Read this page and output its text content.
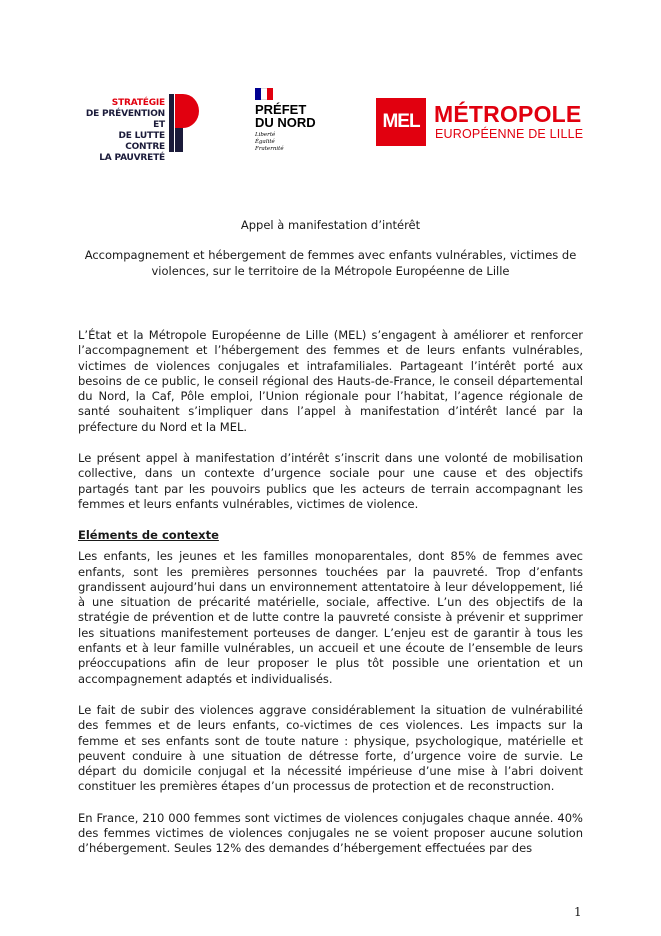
STRATÉGIE
DE PRÉVENTION ET
DE LUTTE CONTRE
LA PAUVRETÉ
PRÉFET
DU NORD
Liberté
Égalité
Fraternité
MEL MÉTROPOLE
EUROPÉENNE DE LILLE
Appel à manifestation d’intérêt
Accompagnement et hébergement de femmes avec enfants vulnérables, victimes de violences, sur le territoire de la Métropole Européenne de Lille

L’État et la Métropole Européenne de Lille (MEL) s’engagent à améliorer et renforcer l’accompagnement et l’hébergement des femmes et de leurs enfants vulnérables, victimes de violences conjugales et intrafamiliales. Partageant l’intérêt porté aux besoins de ce public, le conseil régional des Hauts-de-France, le conseil départemental du Nord, la Caf, Pôle emploi, l’Union régionale pour l’habitat, l’agence régionale de santé souhaitent s’impliquer dans l’appel à manifestation d’intérêt lancé par la préfecture du Nord et la MEL.

Le présent appel à manifestation d’intérêt s’inscrit dans une volonté de mobilisation collective, dans un contexte d’urgence sociale pour une cause et des objectifs partagés tant par les pouvoirs publics que les acteurs de terrain accompagnant les femmes et leurs enfants vulnérables, victimes de violence.

Eléments de contexte

Les enfants, les jeunes et les familles monoparentales, dont 85% de femmes avec enfants, sont les premières personnes touchées par la pauvreté. Trop d’enfants grandissent aujourd’hui dans un environnement attentatoire à leur développement, lié à une situation de précarité matérielle, sociale, affective. L’un des objectifs de la stratégie de prévention et de lutte contre la pauvreté consiste à prévenir et supprimer les situations manifestement porteuses de danger. L’enjeu est de garantir à tous les enfants et à leur famille vulnérables, un accueil et une écoute de l’ensemble de leurs préoccupations afin de leur proposer le plus tôt possible une orientation et un accompagnement adaptés et individualisés.

Le fait de subir des violences aggrave considérablement la situation de vulnérabilité des femmes et de leurs enfants, co-victimes de ces violences. Les impacts sur la femme et ses enfants sont de toute nature : physique, psychologique, matérielle et peuvent conduire à une situation de détresse forte, d’urgence voire de survie. Le départ du domicile conjugal et la nécessité impérieuse d’une mise à l’abri doivent constituer les premières étapes d’un processus de protection et de reconstruction.

En France, 210 000 femmes sont victimes de violences conjugales chaque année. 40% des femmes victimes de violences conjugales ne se voient proposer aucune solution d’hébergement. Seules 12% des demandes d’hébergement effectuées par des

1
